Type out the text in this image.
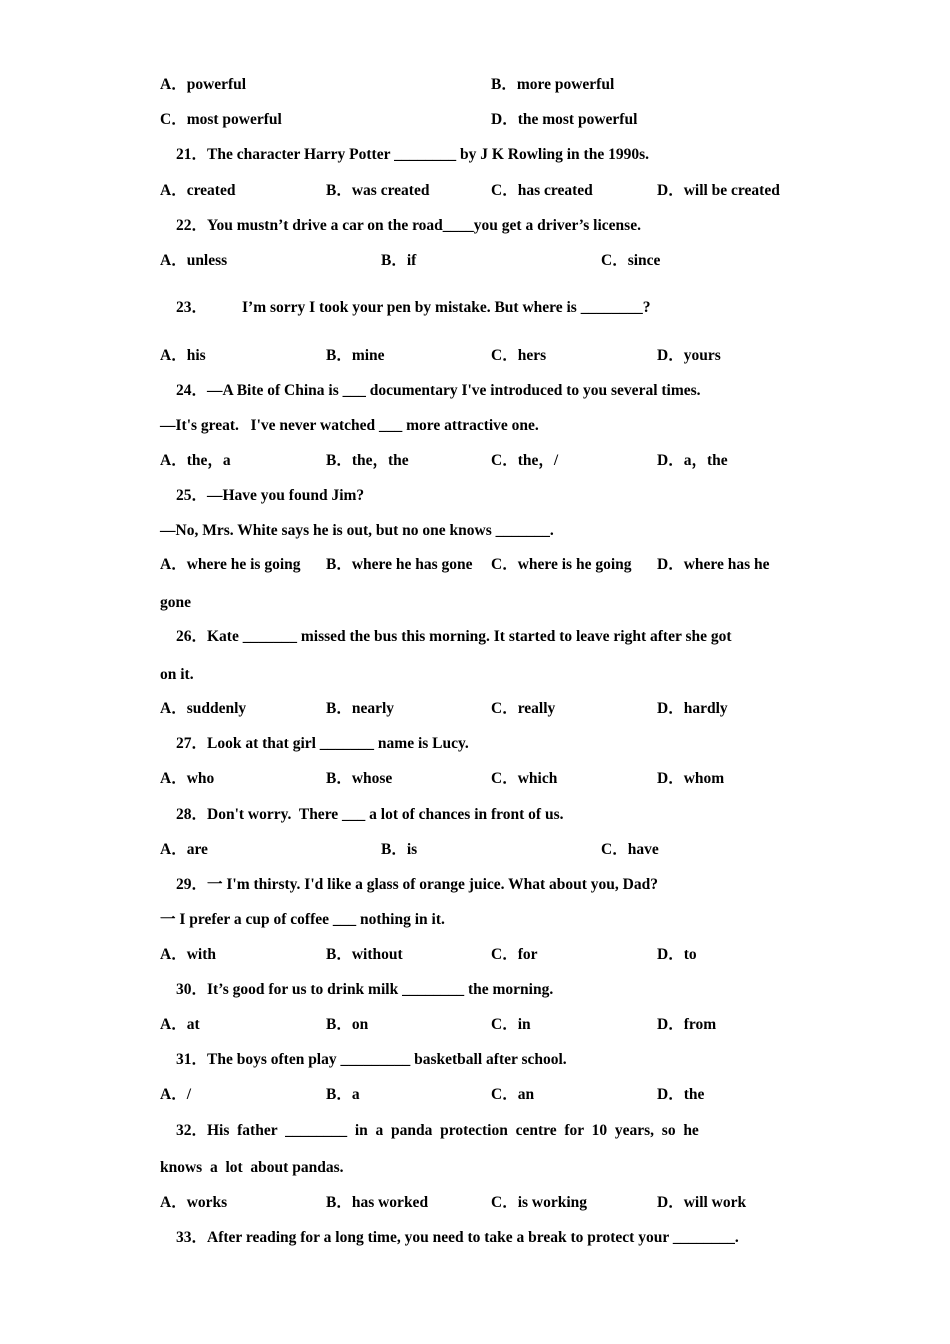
A．powerful	B．more powerful
C．most powerful	D．the most powerful
21．The character Harry Potter ________ by J K Rowling in the 1990s.
A．created	B．was created	C．has created	D．will be created
22．You mustn’t drive a car on the road____you get a driver’s license.
A．unless	B．if	C．since
23． I’m sorry I took your pen by mistake. But where is ________?
A．his	B．mine	C．hers	D．yours
24．—A Bite of China is ___ documentary I've introduced to you several times.
—It's great.   I've never watched ___ more attractive one.
A．the，a	B．the，the	C．the，/	D．a，the
25．—Have you found Jim?
—No, Mrs. White says he is out, but no one knows _______.
A．where he is going B．where he has gone C．where is he going D．where has he
gone
26．Kate _______ missed the bus this morning. It started to leave right after she got
on it.
A．suddenly	B．nearly	C．really	D．hardly
27．Look at that girl _______ name is Lucy.
A．who	B．whose	C．which	D．whom
28．Don't worry.  There ___ a lot of chances in front of us.
A．are	B．is	C．have
29．一 I'm thirsty. I'd like a glass of orange juice. What about you, Dad?
一 I prefer a cup of coffee ___ nothing in it.
A．with	B．without	C．for	D．to
30．It’s good for us to drink milk ________ the morning.
A．at	B．on	C．in	D．from
31．The boys often play _________ basketball after school.
A．/	B．a	C．an	D．the
32．His  father  ________  in  a  panda  protection  centre  for  10  years,  so  he
knows  a  lot  about pandas.
A．works	B．has worked	C．is working	D．will work
33．After reading for a long time, you need to take a break to protect your ________.
